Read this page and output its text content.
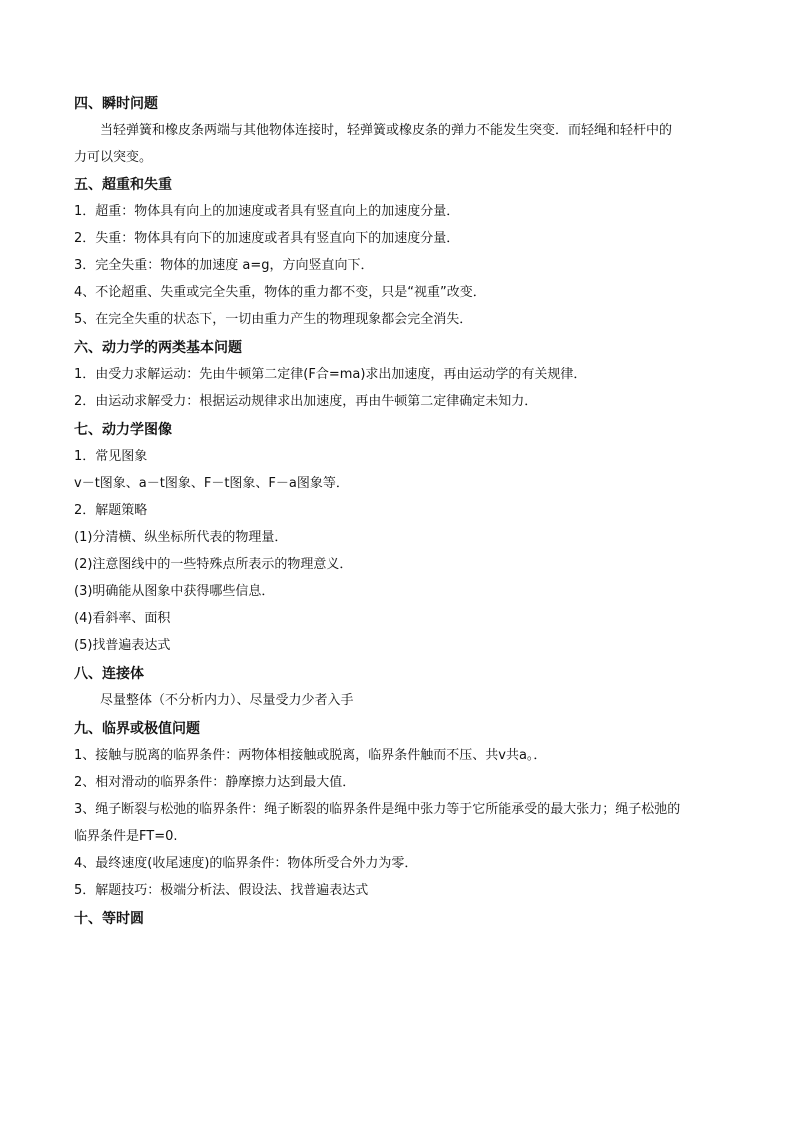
四、瞬时问题
当轻弹簧和橡皮条两端与其他物体连接时，轻弹簧或橡皮条的弹力不能发生突变．而轻绳和轻杆中的
力可以突变。
五、超重和失重
1．超重：物体具有向上的加速度或者具有竖直向上的加速度分量．
2．失重：物体具有向下的加速度或者具有竖直向下的加速度分量．
3．完全失重：物体的加速度 a=g，方向竖直向下．
4、不论超重、失重或完全失重，物体的重力都不变，只是“视重”改变．
5、在完全失重的状态下，一切由重力产生的物理现象都会完全消失．
六、动力学的两类基本问题
1．由受力求解运动：先由牛顿第二定律(F合=ma)求出加速度，再由运动学的有关规律．
2．由运动求解受力：根据运动规律求出加速度，再由牛顿第二定律确定未知力．
七、动力学图像
1．常见图象
v－t图象、a－t图象、F－t图象、F－a图象等．
2．解题策略
(1)分清横、纵坐标所代表的物理量．
(2)注意图线中的一些特殊点所表示的物理意义．
(3)明确能从图象中获得哪些信息．
(4)看斜率、面积
(5)找普遍表达式
八、连接体
尽量整体（不分析内力）、尽量受力少者入手
九、临界或极值问题
1、接触与脱离的临界条件：两物体相接触或脱离，临界条件触而不压、共v共a。．
2、相对滑动的临界条件：静摩擦力达到最大值．
3、绳子断裂与松弛的临界条件：绳子断裂的临界条件是绳中张力等于它所能承受的最大张力；绳子松弛的
临界条件是FT=0.
4、最终速度(收尾速度)的临界条件：物体所受合外力为零．
5．解题技巧：极端分析法、假设法、找普遍表达式
十、等时圆
